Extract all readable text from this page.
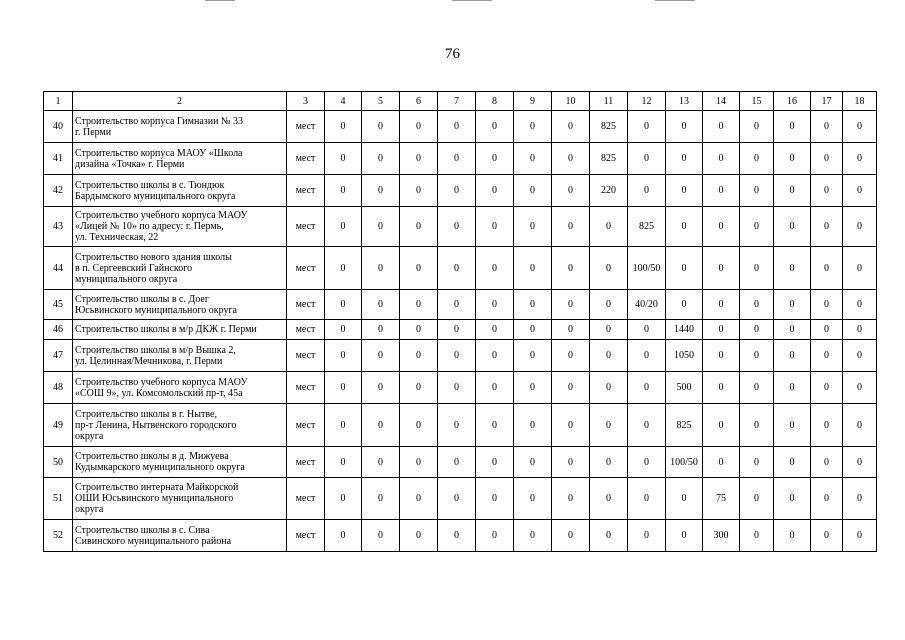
76
1	2	3	4	5	6	7	8	9	10	11	12	13	14	15	16	17	18
40	Строительство корпуса Гимназии № 33
г. Перми	мест	0	0	0	0	0	0	0	825	0	0	0	0	0	0	0
41	Строительство корпуса МАОУ «Школа
дизайна «Точка» г. Перми	мест	0	0	0	0	0	0	0	825	0	0	0	0	0	0	0
42	Строительство школы в с. Тюндюк
Бардымского муниципального округа	мест	0	0	0	0	0	0	0	220	0	0	0	0	0	0	0
43	Строительство учебного корпуса МАОУ
«Лицей № 10» по адресу: г. Пермь,
ул. Техническая, 22	мест	0	0	0	0	0	0	0	0	825	0	0	0	0	0	0
44	Строительство нового здания школы
в п. Сергеевский Гайнского
муниципального округа	мест	0	0	0	0	0	0	0	0	100/50	0	0	0	0	0	0
45	Строительство школы в с. Доег
Юсьвинского муниципального округа	мест	0	0	0	0	0	0	0	0	40/20	0	0	0	0	0	0
46	Строительство школы в м/р ДКЖ г. Перми	мест	0	0	0	0	0	0	0	0	0	1440	0	0	0	0	0
47	Строительство школы в м/р Вышка 2,
ул. Целинная/Мечникова, г. Перми	мест	0	0	0	0	0	0	0	0	0	1050	0	0	0	0	0
48	Строительство учебного корпуса МАОУ
«СОШ 9», ул. Комсомольский пр-т, 45а	мест	0	0	0	0	0	0	0	0	0	500	0	0	0	0	0
49	Строительство школы в г. Нытве,
пр-т Ленина, Нытвенского городского
округа	мест	0	0	0	0	0	0	0	0	0	825	0	0	0	0	0
50	Строительство школы в д. Мижуева
Кудымкарского муниципального округа	мест	0	0	0	0	0	0	0	0	0	100/50	0	0	0	0	0
51	Строительство интерната Майкорской
ОШИ Юсьвинского муниципального
округа	мест	0	0	0	0	0	0	0	0	0	0	75	0	0	0	0
52	Строительство школы в с. Сива
Сивинского муниципального района	мест	0	0	0	0	0	0	0	0	0	0	300	0	0	0	0
